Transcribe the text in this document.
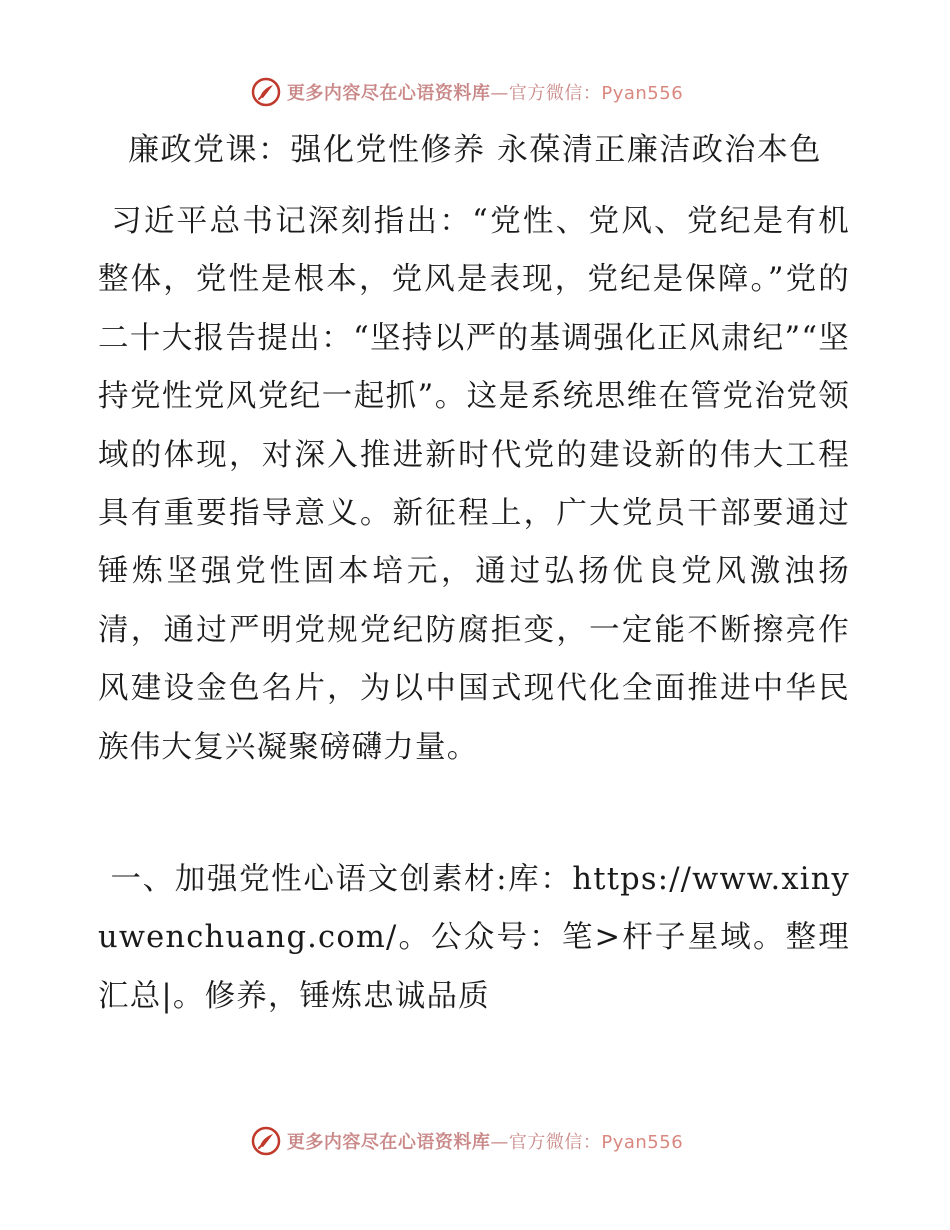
更多内容尽在心语资料库—官方微信：Pyan556
廉政党课：强化党性修养 永葆清正廉洁政治本色
习近平总书记深刻指出：“党性、党风、党纪是有机整体，党性是根本，党风是表现，党纪是保障。”党的二十大报告提出：“坚持以严的基调强化正风肃纪”“坚持党性党风党纪一起抓”。这是系统思维在管党治党领域的体现，对深入推进新时代党的建设新的伟大工程具有重要指导意义。新征程上，广大党员干部要通过锤炼坚强党性固本培元，通过弘扬优良党风激浊扬清，通过严明党规党纪防腐拒变，一定能不断擦亮作风建设金色名片，为以中国式现代化全面推进中华民族伟大复兴凝聚磅礴力量。
一、加强党性心语文创素材:库：https://www.xinyuwenchuang.com/。公众号：笔>杆子星域。整理汇总|。修养，锤炼忠诚品质
更多内容尽在心语资料库—官方微信：Pyan556
